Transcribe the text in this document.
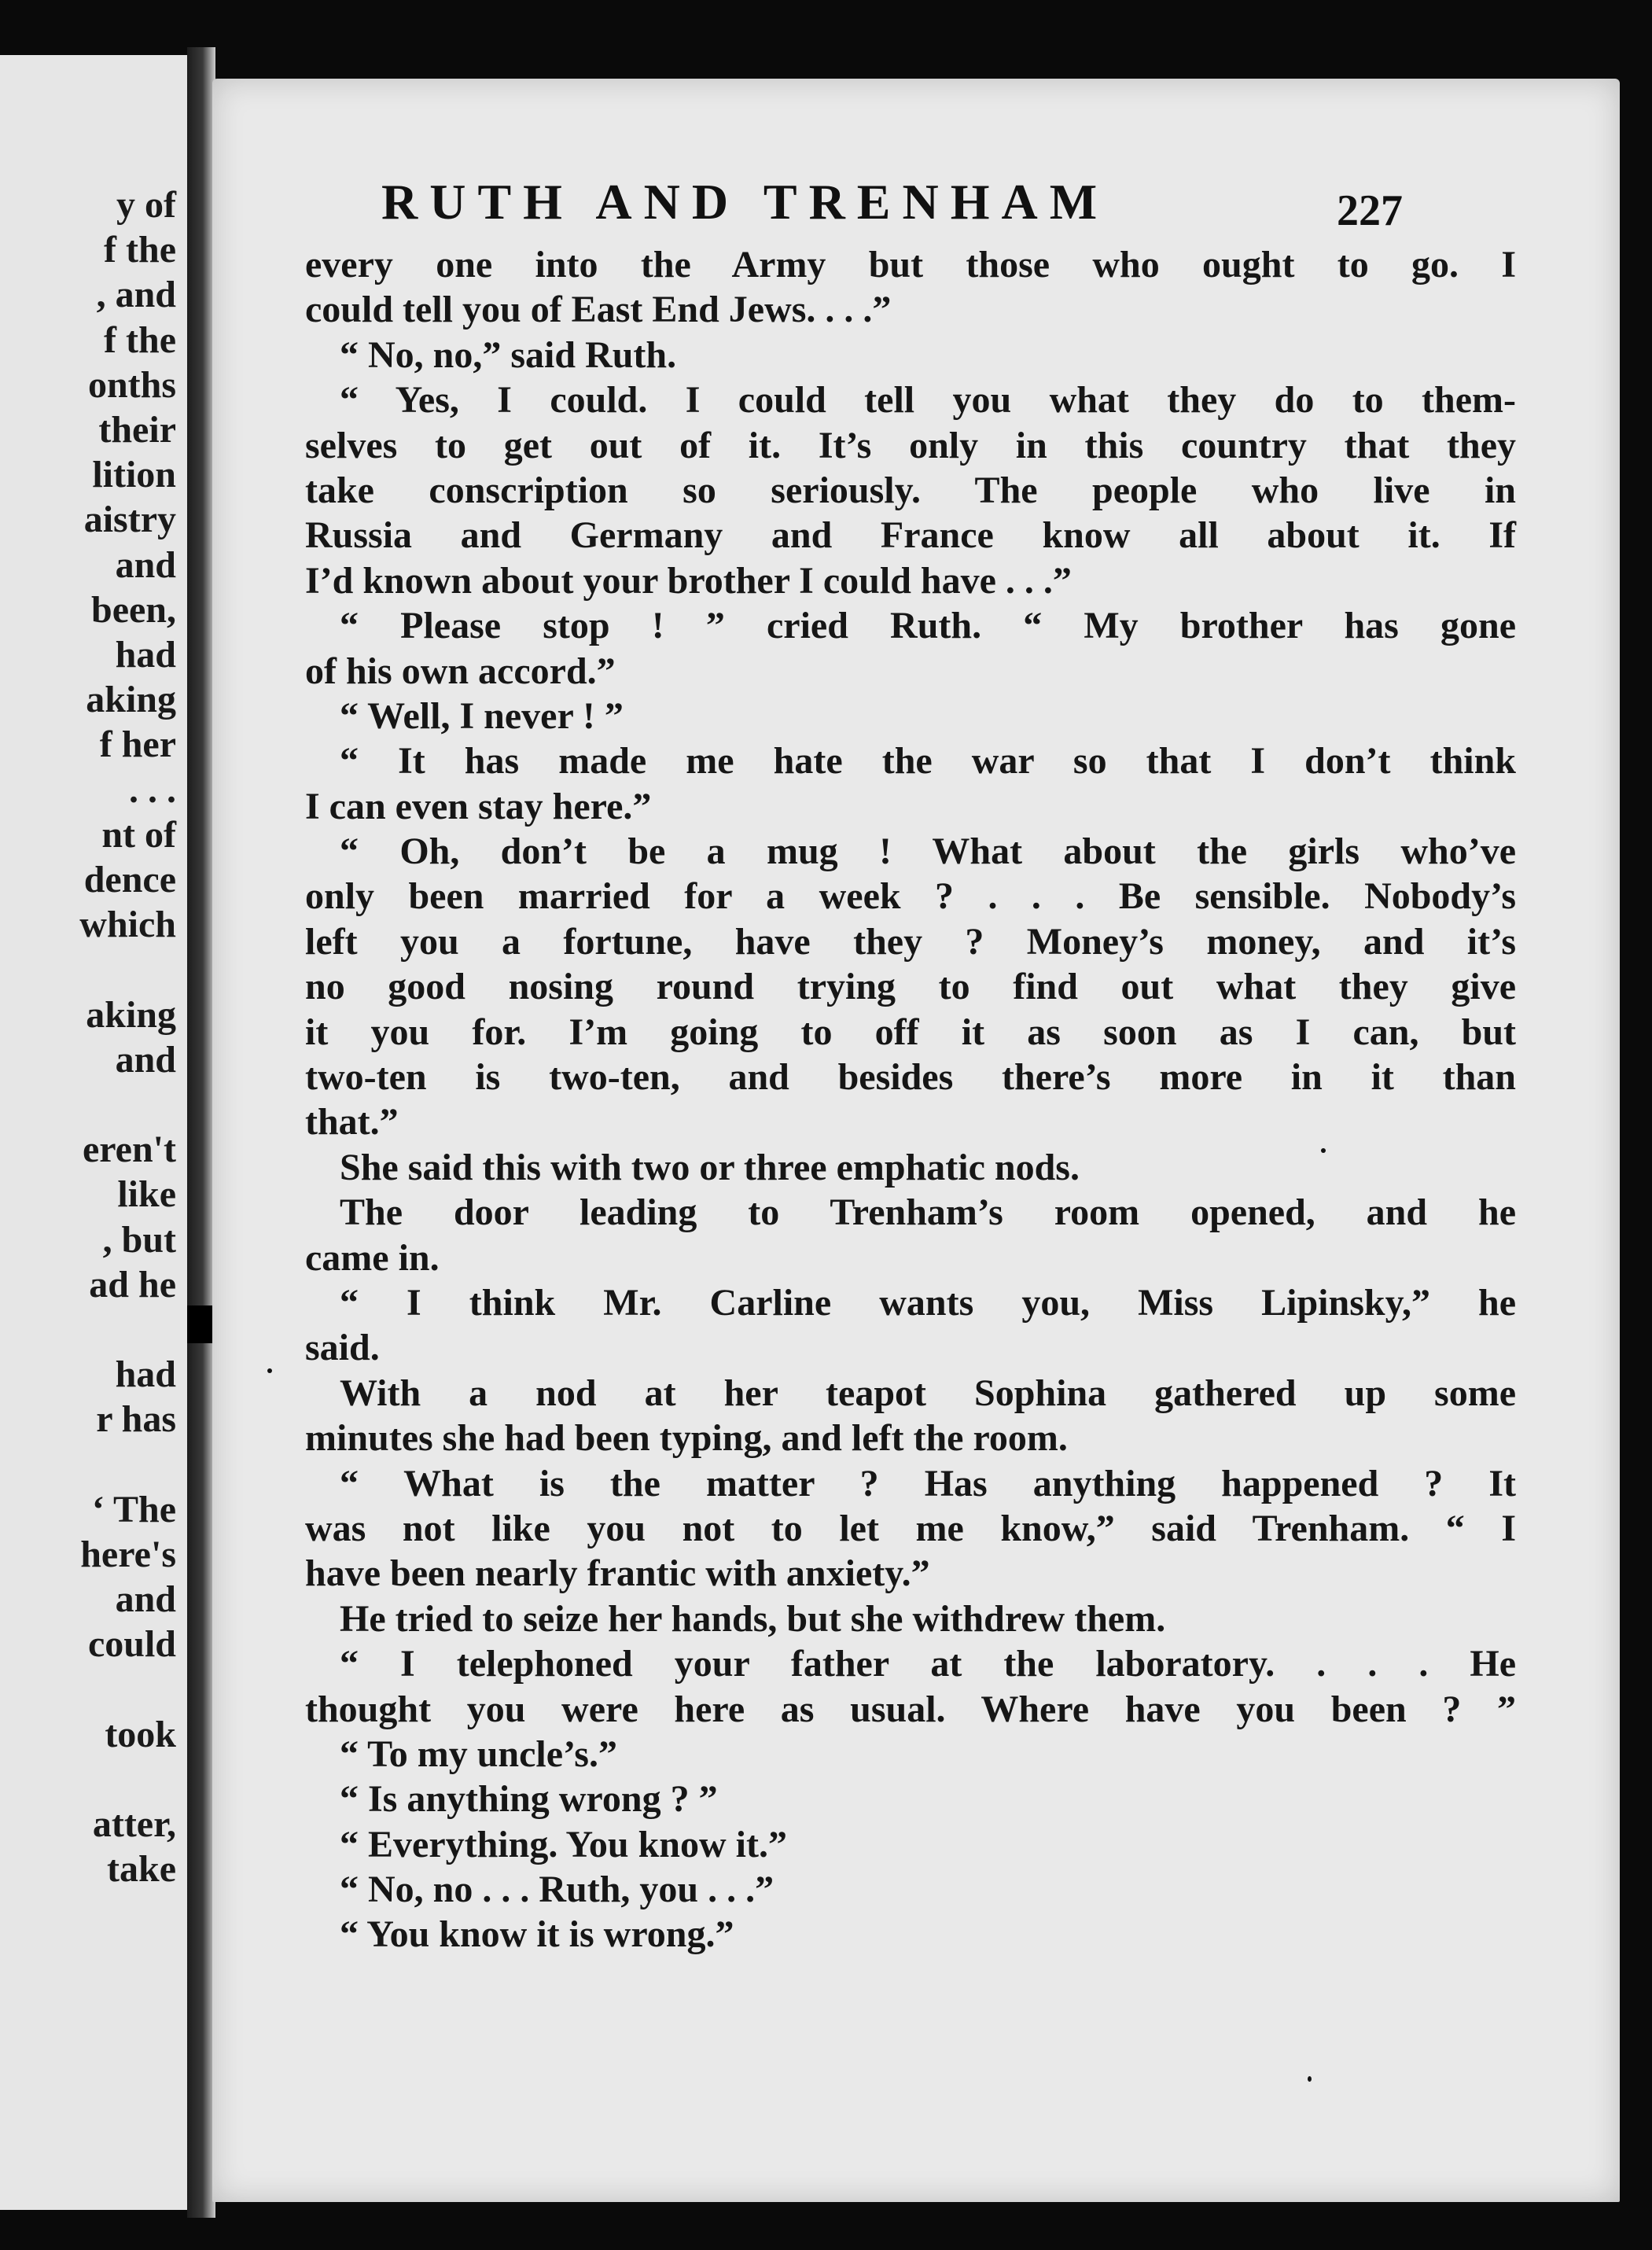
y of
f the
, and
f the
onths
their
lition
aistry
and
been,
had
aking
f her
. . .
nt of
dence
which
aking
and
eren't
like
, but
ad he
had
r has
‘ The
here's
and
could
took
atter,
take
RUTH AND TRENHAM	227
every one into the Army but those who ought to go. I
could tell you of East End Jews. . . .”
“ No, no,” said Ruth.
“ Yes, I could. I could tell you what they do to them-
selves to get out of it. It’s only in this country that they
take conscription so seriously. The people who live in
Russia and Germany and France know all about it. If
I’d known about your brother I could have . . .”
“ Please stop ! ” cried Ruth. “ My brother has gone
of his own accord.”
“ Well, I never ! ”
“ It has made me hate the war so that I don’t think
I can even stay here.”
“ Oh, don’t be a mug ! What about the girls who’ve
only been married for a week ? . . . Be sensible. Nobody’s
left you a fortune, have they ? Money’s money, and it’s
no good nosing round trying to find out what they give
it you for. I’m going to off it as soon as I can, but
two-ten is two-ten, and besides there’s more in it than
that.”
She said this with two or three emphatic nods.
The door leading to Trenham’s room opened, and he
came in.
“ I think Mr. Carline wants you, Miss Lipinsky,” he
said.
With a nod at her teapot Sophina gathered up some
minutes she had been typing, and left the room.
“ What is the matter ? Has anything happened ? It
was not like you not to let me know,” said Trenham. “ I
have been nearly frantic with anxiety.”
He tried to seize her hands, but she withdrew them.
“ I telephoned your father at the laboratory. . . . He
thought you were here as usual. Where have you been ? ”
“ To my uncle’s.”
“ Is anything wrong ? ”
“ Everything. You know it.”
“ No, no . . . Ruth, you . . .”
“ You know it is wrong.”
